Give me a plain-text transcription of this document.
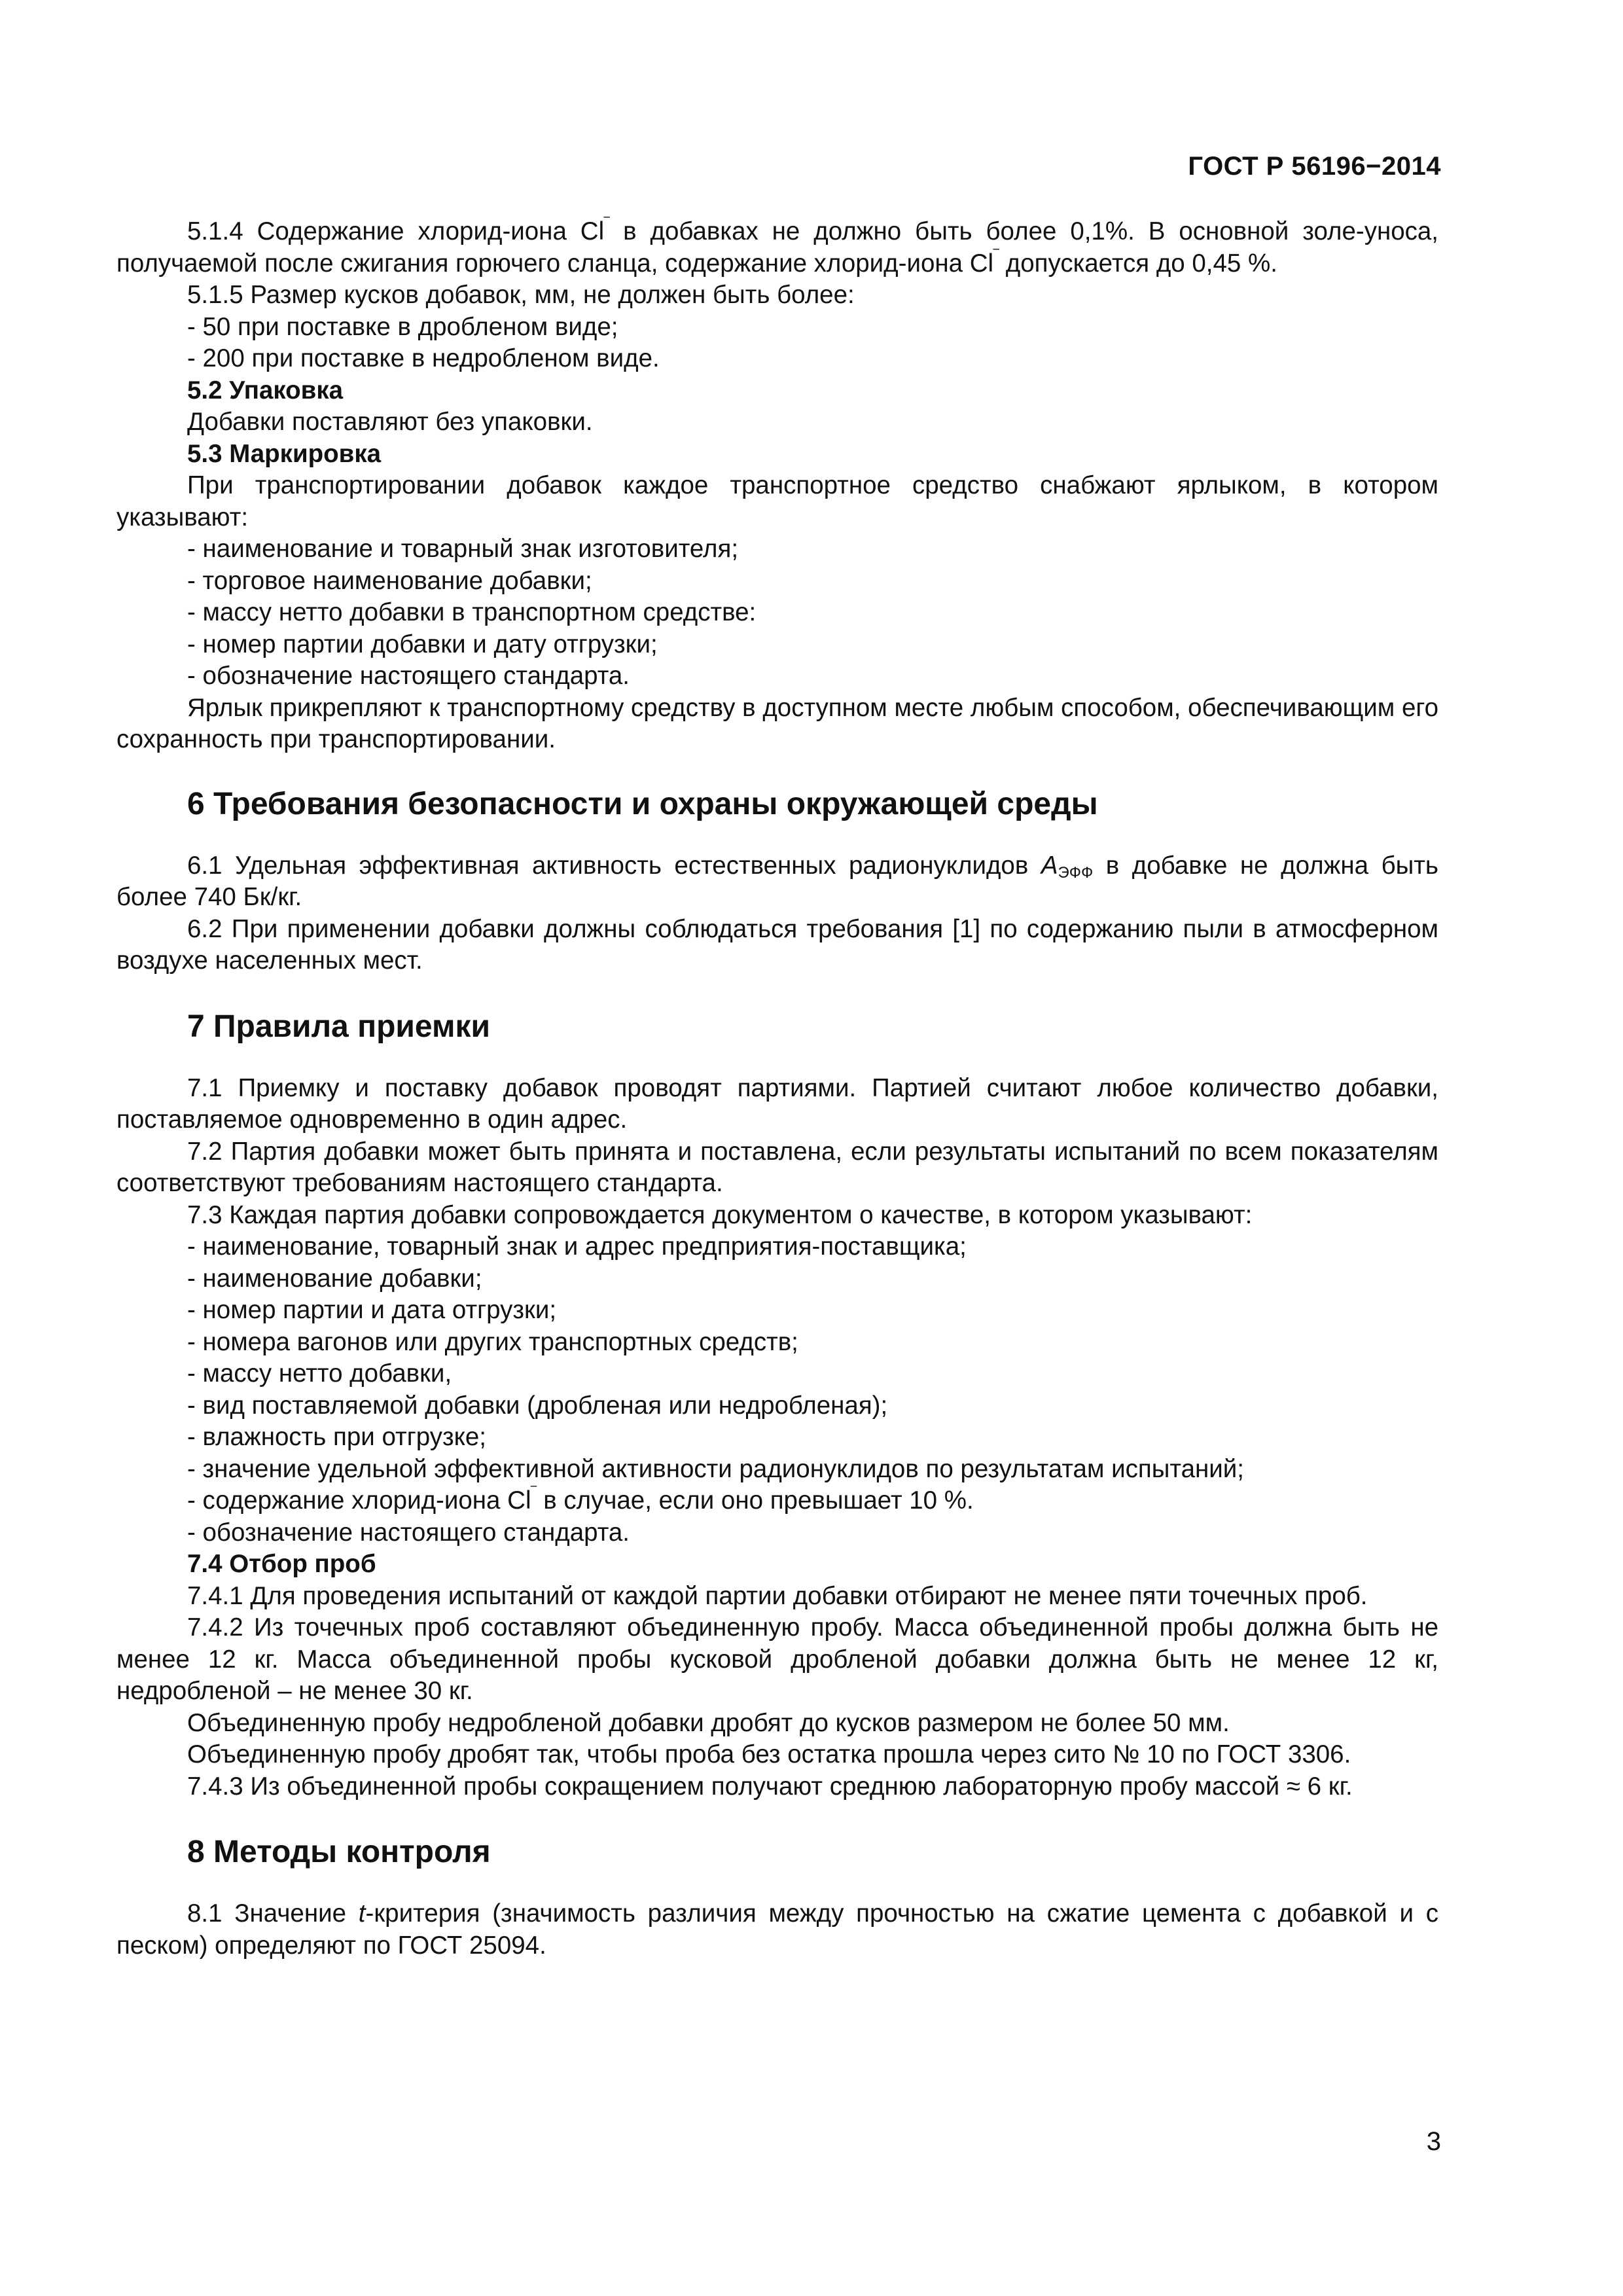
ГОСТ Р 56196−2014

5.1.4 Содержание хлорид-иона Cl‾ в добавках не должно быть более 0,1%. В основной золе-уноса, получаемой после сжигания горючего сланца, содержание хлорид-иона Cl‾ допускается до 0,45 %.

5.1.5 Размер кусков добавок, мм, не должен быть более:

- 50 при поставке в дробленом виде;

- 200 при поставке в недробленом виде.

5.2 Упаковка

Добавки поставляют без упаковки.

5.3 Маркировка

При транспортировании добавок каждое транспортное средство снабжают ярлыком, в котором указывают:

- наименование и товарный знак изготовителя;

- торговое наименование добавки;

- массу нетто добавки в транспортном средстве:

- номер партии добавки и дату отгрузки;

- обозначение настоящего стандарта.

Ярлык прикрепляют к транспортному средству в доступном месте любым способом, обеспечивающим его сохранность при транспортировании.

6 Требования безопасности и охраны окружающей среды

6.1 Удельная эффективная активность естественных радионуклидов $А_{ЭФФ}$ в добавке не должна быть более 740 Бк/кг.

6.2 При применении добавки должны соблюдаться требования [1] по содержанию пыли в атмосферном воздухе населенных мест.

7 Правила приемки

7.1 Приемку и поставку добавок проводят партиями. Партией считают любое количество добавки, поставляемое одновременно в один адрес.

7.2 Партия добавки может быть принята и поставлена, если результаты испытаний по всем показателям соответствуют требованиям настоящего стандарта.

7.3 Каждая партия добавки сопровождается документом о качестве, в котором указывают:

- наименование, товарный знак и адрес предприятия-поставщика;

- наименование добавки;

- номер партии и дата отгрузки;

- номера вагонов или других транспортных средств;

- массу нетто добавки,

- вид поставляемой добавки (дробленая или недробленая);

- влажность при отгрузке;

- значение удельной эффективной активности радионуклидов по результатам испытаний;

- содержание хлорид-иона Cl‾ в случае, если оно превышает 10 %.

- обозначение настоящего стандарта.

7.4 Отбор проб

7.4.1 Для проведения испытаний от каждой партии добавки отбирают не менее пяти точечных проб.

7.4.2 Из точечных проб составляют объединенную пробу. Масса объединенной пробы должна быть не менее 12 кг. Масса объединенной пробы кусковой дробленой добавки должна быть не менее 12 кг, недробленой – не менее 30 кг.

Объединенную пробу недробленой добавки дробят до кусков размером не более 50 мм.

Объединенную пробу дробят так, чтобы проба без остатка прошла через сито № 10 по ГОСТ 3306.

7.4.3 Из объединенной пробы сокращением получают среднюю лабораторную пробу массой ≈ 6 кг.

8 Методы контроля

8.1 Значение t-критерия (значимость различия между прочностью на сжатие цемента с добавкой и с песком) определяют по ГОСТ 25094.

3
